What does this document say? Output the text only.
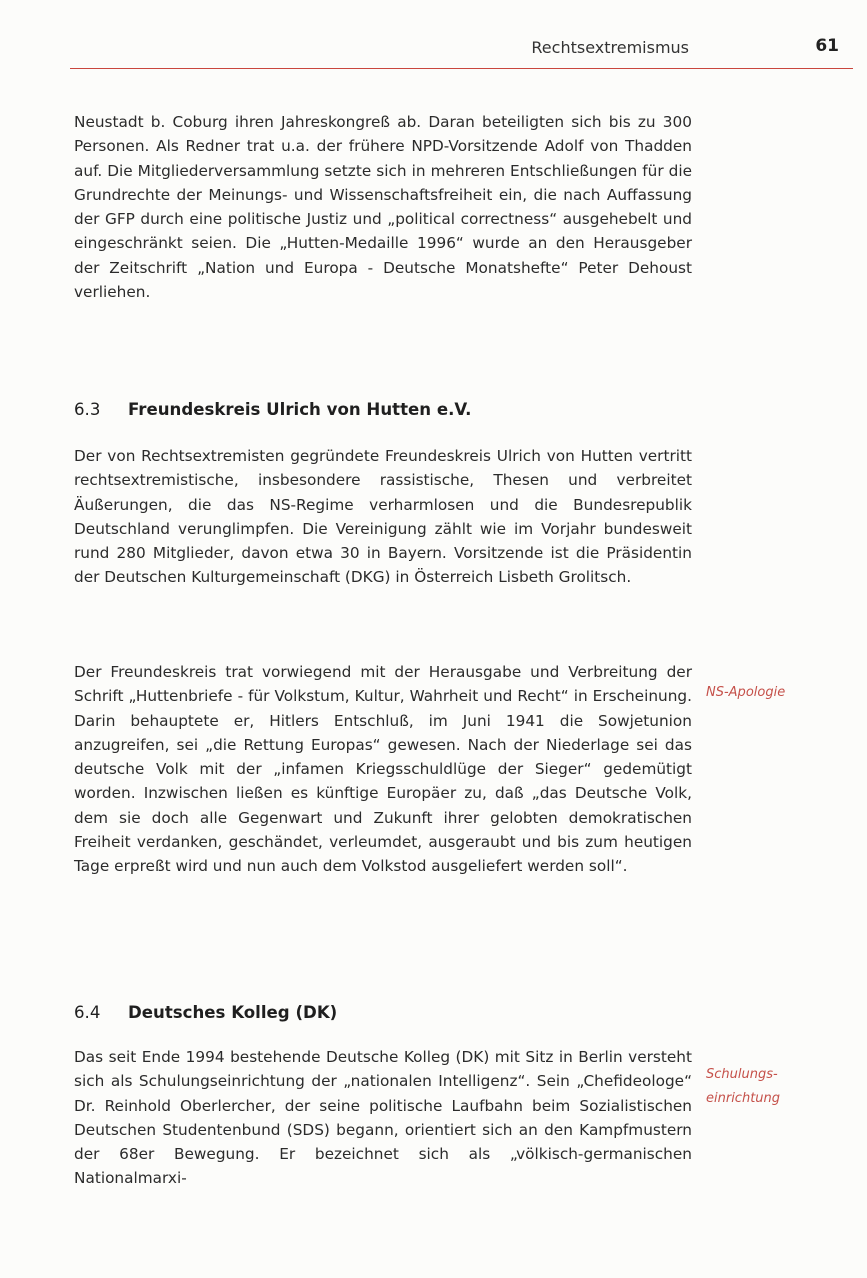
Rechtsextremismus	61

Neustadt b. Coburg ihren Jahreskongreß ab. Daran beteiligten sich bis zu 300 Personen. Als Redner trat u.a. der frühere NPD-Vorsitzende Adolf von Thadden auf. Die Mitgliederversammlung setzte sich in mehreren Entschließungen für die Grundrechte der Meinungs- und Wissenschaftsfreiheit ein, die nach Auffassung der GFP durch eine politische Justiz und „political correctness“ ausgehebelt und eingeschränkt seien. Die „Hutten-Medaille 1996“ wurde an den Herausgeber der Zeitschrift „Nation und Europa - Deutsche Monatshefte“ Peter Dehoust verliehen.

6.3 Freundeskreis Ulrich von Hutten e.V.

Der von Rechtsextremisten gegründete Freundeskreis Ulrich von Hutten vertritt rechtsextremistische, insbesondere rassistische, Thesen und verbreitet Äußerungen, die das NS-Regime verharmlosen und die Bundesrepublik Deutschland verunglimpfen. Die Vereinigung zählt wie im Vorjahr bundesweit rund 280 Mitglieder, davon etwa 30 in Bayern. Vorsitzende ist die Präsidentin der Deutschen Kulturgemeinschaft (DKG) in Österreich Lisbeth Grolitsch.

Der Freundeskreis trat vorwiegend mit der Herausgabe und Verbreitung der Schrift „Huttenbriefe - für Volkstum, Kultur, Wahrheit und Recht“ in Erscheinung. Darin behauptete er, Hitlers Entschluß, im Juni 1941 die Sowjetunion anzugreifen, sei „die Rettung Europas“ gewesen. Nach der Niederlage sei das deutsche Volk mit der „infamen Kriegsschuldlüge der Sieger“ gedemütigt worden. Inzwischen ließen es künftige Europäer zu, daß „das Deutsche Volk, dem sie doch alle Gegenwart und Zukunft ihrer gelobten demokratischen Freiheit verdanken, geschändet, verleumdet, ausgeraubt und bis zum heutigen Tage erpreßt wird und nun auch dem Volkstod ausgeliefert werden soll“.

NS-Apologie
6.4 Deutsches Kolleg (DK)

Das seit Ende 1994 bestehende Deutsche Kolleg (DK) mit Sitz in Berlin versteht sich als Schulungseinrichtung der „nationalen Intelligenz“. Sein „Chefideologe“ Dr. Reinhold Oberlercher, der seine politische Laufbahn beim Sozialistischen Deutschen Studentenbund (SDS) begann, orientiert sich an den Kampfmustern der 68er Bewegung. Er bezeichnet sich als „völkisch-germanischen Nationalmarxi-

Schulungs-
einrichtung
